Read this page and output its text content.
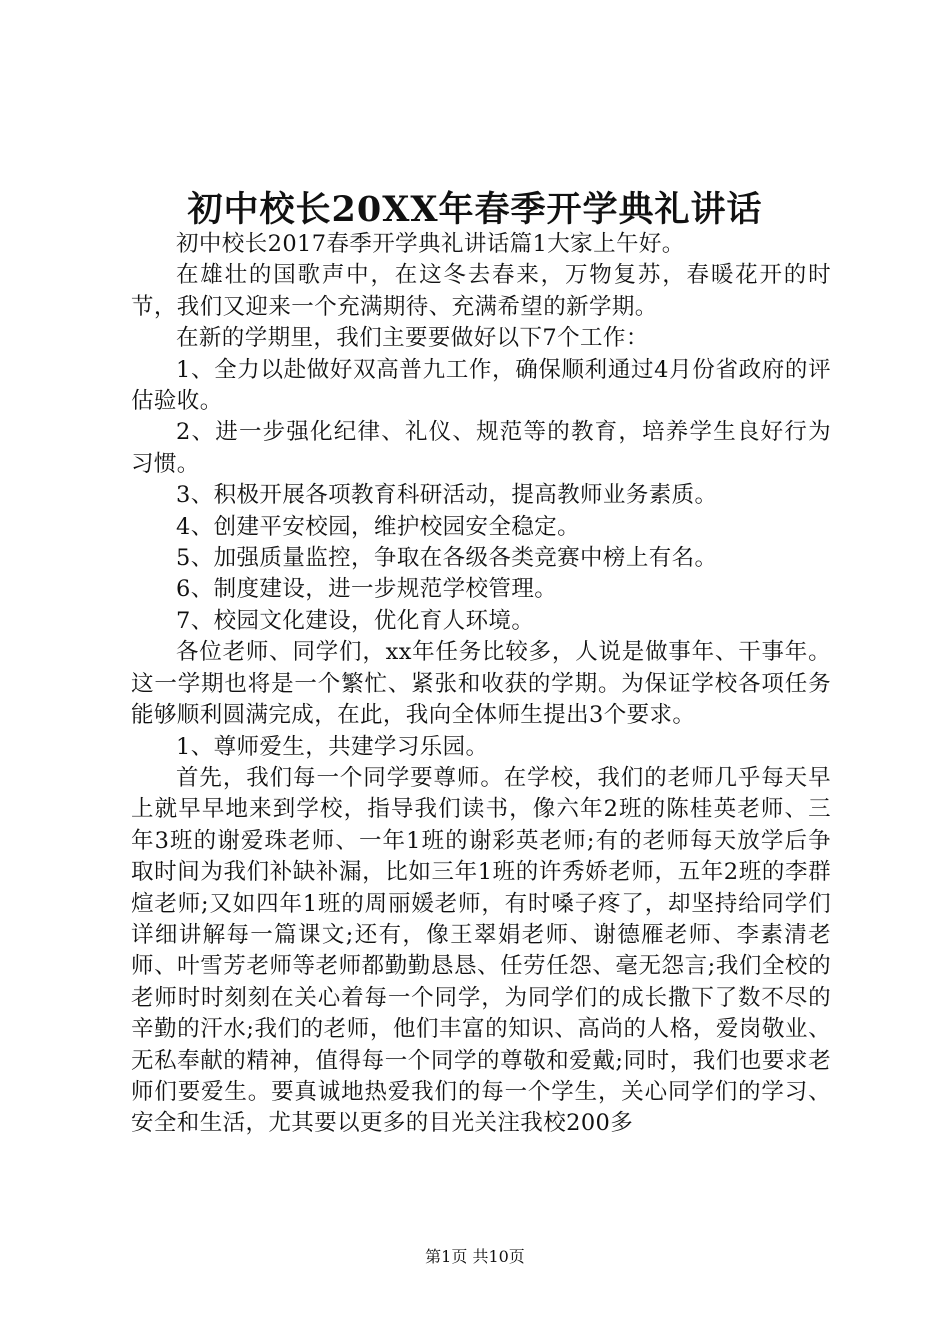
初中校长20XX年春季开学典礼讲话

初中校长2017春季开学典礼讲话篇1大家上午好。

在雄壮的国歌声中，在这冬去春来，万物复苏，春暖花开的时节，我们又迎来一个充满期待、充满希望的新学期。

在新的学期里，我们主要要做好以下7个工作：

1、全力以赴做好双高普九工作，确保顺利通过4月份省政府的评估验收。

2、进一步强化纪律、礼仪、规范等的教育，培养学生良好行为习惯。

3、积极开展各项教育科研活动，提高教师业务素质。

4、创建平安校园，维护校园安全稳定。

5、加强质量监控，争取在各级各类竞赛中榜上有名。

6、制度建设，进一步规范学校管理。

7、校园文化建设，优化育人环境。

各位老师、同学们，xx年任务比较多，人说是做事年、干事年。这一学期也将是一个繁忙、紧张和收获的学期。为保证学校各项任务能够顺利圆满完成，在此，我向全体师生提出3个要求。

1、尊师爱生，共建学习乐园。

首先，我们每一个同学要尊师。在学校，我们的老师几乎每天早上就早早地来到学校，指导我们读书，像六年2班的陈桂英老师、三年3班的谢爱珠老师、一年1班的谢彩英老师;有的老师每天放学后争取时间为我们补缺补漏，比如三年1班的许秀娇老师，五年2班的李群煊老师;又如四年1班的周丽媛老师，有时嗓子疼了，却坚持给同学们详细讲解每一篇课文;还有，像王翠娟老师、谢德雁老师、李素清老师、叶雪芳老师等老师都勤勤恳恳、任劳任怨、毫无怨言;我们全校的老师时时刻刻在关心着每一个同学，为同学们的成长撒下了数不尽的辛勤的汗水;我们的老师，他们丰富的知识、高尚的人格，爱岗敬业、无私奉献的精神，值得每一个同学的尊敬和爱戴;同时，我们也要求老师们要爱生。要真诚地热爱我们的每一个学生，关心同学们的学习、安全和生活，尤其要以更多的目光关注我校200多

第1页 共10页
